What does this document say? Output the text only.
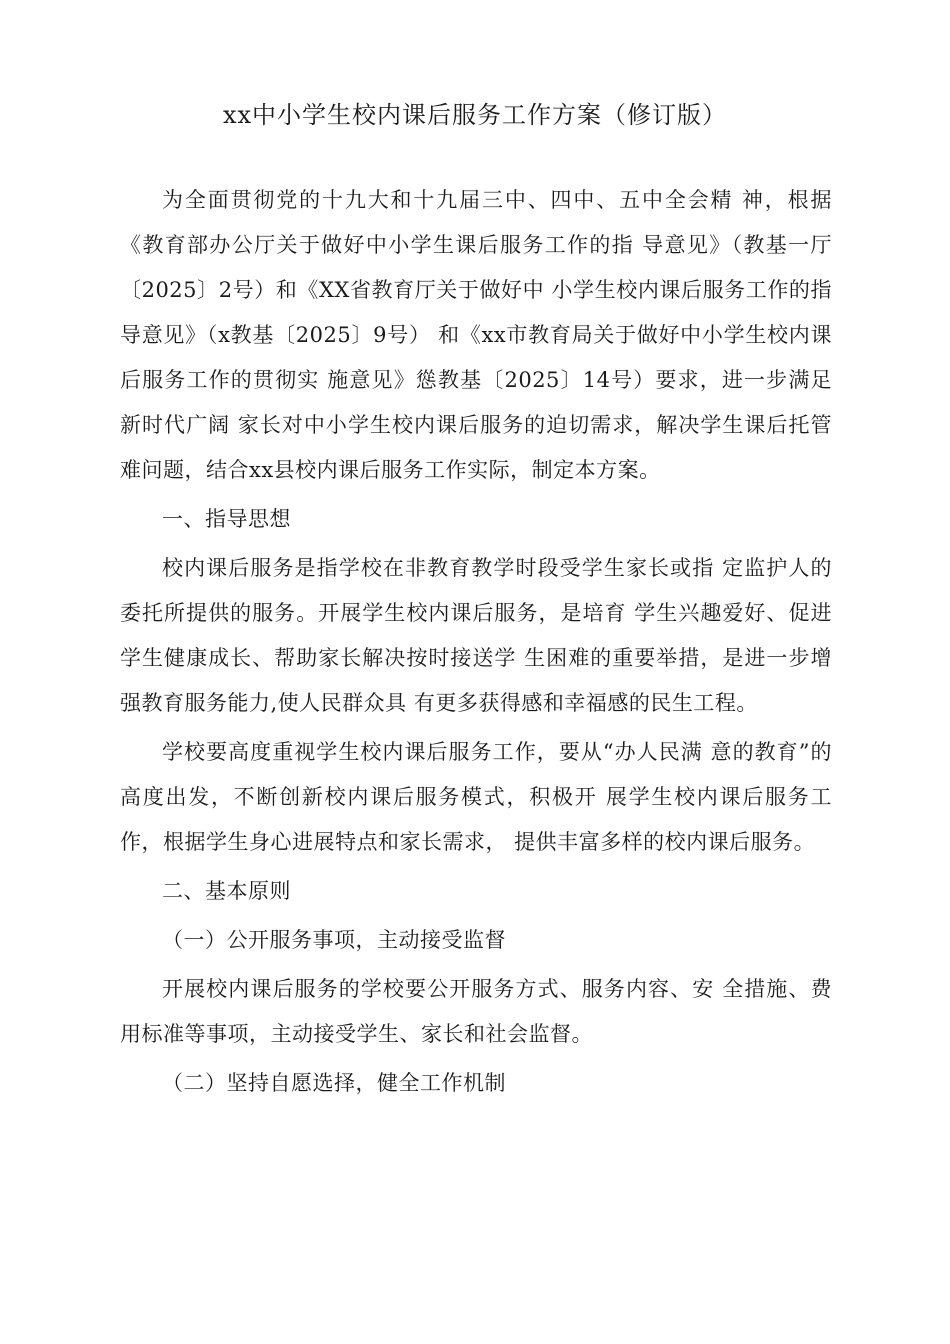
xx中小学生校内课后服务工作方案（修订版）

为全面贯彻党的十九大和十九届三中、四中、五中全会精 神，根据《教育部办公厅关于做好中小学生课后服务工作的指 导意见》（教基一厅〔2025〕2号）和《XX省教育厅关于做好中 小学生校内课后服务工作的指导意见》（x教基〔2025〕9号） 和《xx市教育局关于做好中小学生校内课后服务工作的贯彻实 施意见》慫教基〔2025〕14号）要求，进一步满足新时代广阔 家长对中小学生校内课后服务的迫切需求，解决学生课后托管 难问题，结合xx县校内课后服务工作实际，制定本方案。

一、指导思想

校内课后服务是指学校在非教育教学时段受学生家长或指 定监护人的委托所提供的服务。开展学生校内课后服务，是培育 学生兴趣爱好、促进学生健康成长、帮助家长解决按时接送学 生困难的重要举措，是进一步增强教育服务能力,使人民群众具 有更多获得感和幸福感的民生工程。

学校要高度重视学生校内课后服务工作，要从“办人民满 意的教育”的高度出发，不断创新校内课后服务模式，积极开 展学生校内课后服务工作，根据学生身心进展特点和家长需求， 提供丰富多样的校内课后服务。

二、基本原则

（一）公开服务事项，主动接受监督

开展校内课后服务的学校要公开服务方式、服务内容、安 全措施、费用标准等事项，主动接受学生、家长和社会监督。

（二）坚持自愿选择，健全工作机制
